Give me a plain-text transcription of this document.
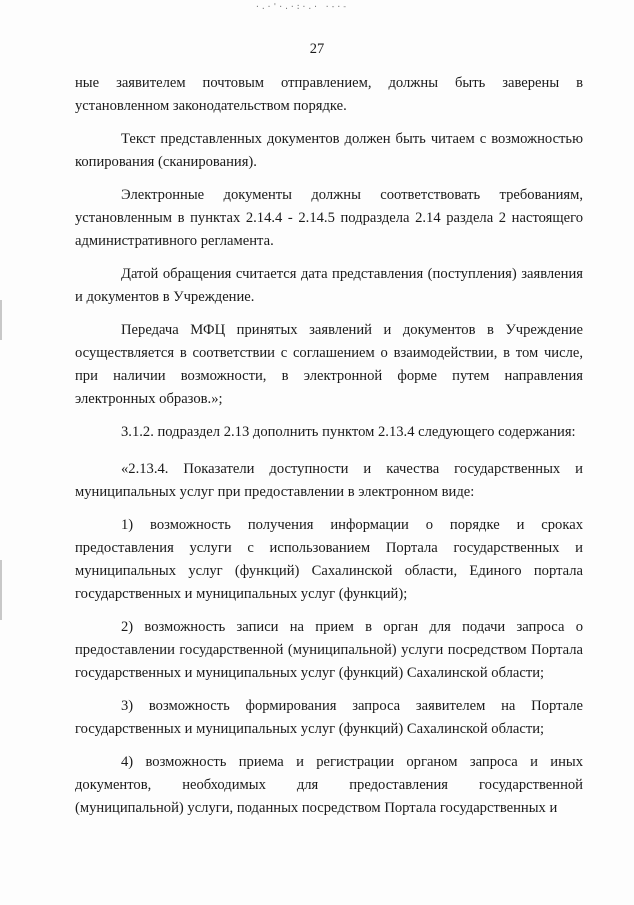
·.·'·.·:·.· ·-·-
27

ные заявителем почтовым отправлением, должны быть заверены в установленном законодательством порядке.

Текст представленных документов должен быть читаем с возможностью копирования (сканирования).

Электронные документы должны соответствовать требованиям, установленным в пунктах 2.14.4 - 2.14.5 подраздела 2.14 раздела 2 настоящего административного регламента.

Датой обращения считается дата представления (поступления) заявления и документов в Учреждение.

Передача МФЦ принятых заявлений и документов в Учреждение осуществляется в соответствии с соглашением о взаимодействии, в том числе, при наличии возможности, в электронной форме путем направления электронных образов.»;

3.1.2. подраздел 2.13 дополнить пунктом 2.13.4 следующего содержания:

«2.13.4. Показатели доступности и качества государственных и муниципальных услуг при предоставлении в электронном виде:

1) возможность получения информации о порядке и сроках предоставления услуги с использованием Портала государственных и муниципальных услуг (функций) Сахалинской области, Единого портала государственных и муниципальных услуг (функций);

2) возможность записи на прием в орган для подачи запроса о предоставлении государственной (муниципальной) услуги посредством Портала государственных и муниципальных услуг (функций) Сахалинской области;

3) возможность формирования запроса заявителем на Портале государственных и муниципальных услуг (функций) Сахалинской области;

4) возможность приема и регистрации органом запроса и иных документов, необходимых для предоставления государственной (муниципальной) услуги, поданных посредством Портала государственных и
